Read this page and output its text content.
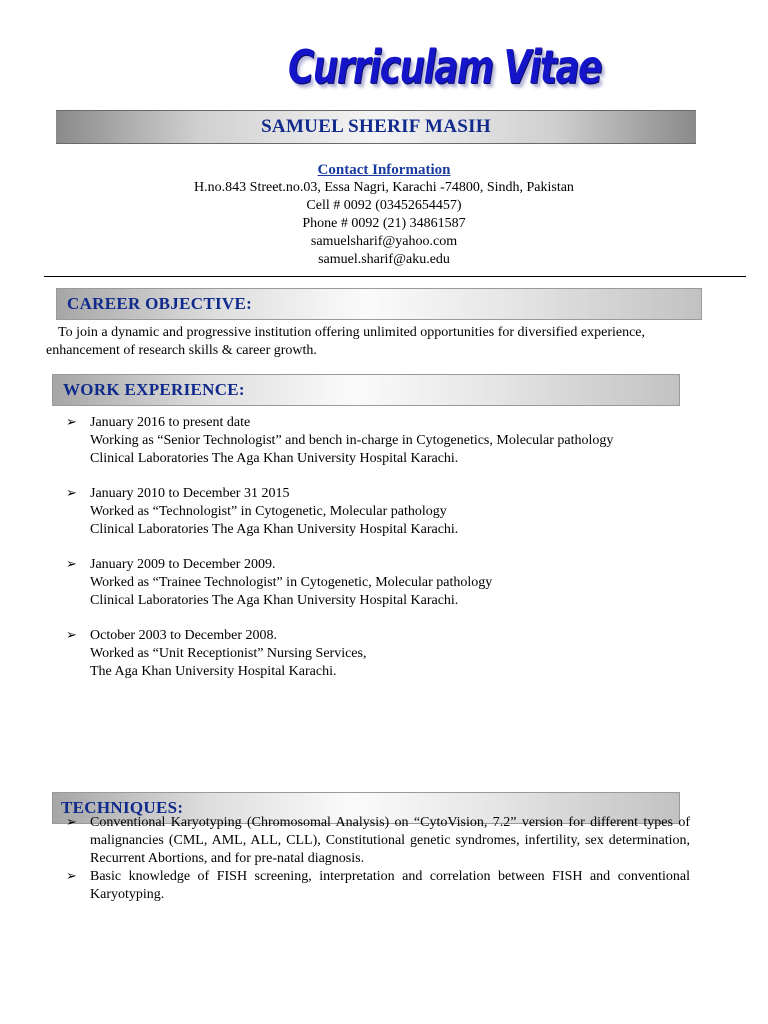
Curriculam Vitae
SAMUEL SHERIF MASIH
Contact Information
H.no.843 Street.no.03, Essa Nagri, Karachi -74800, Sindh, Pakistan
Cell # 0092 (03452654457)
Phone # 0092 (21) 34861587
samuelsharif@yahoo.com
samuel.sharif@aku.edu
CAREER OBJECTIVE:
To join a dynamic and progressive institution offering unlimited opportunities for diversified experience,
enhancement of research skills & career growth.
WORK EXPERIENCE:
➢ January 2016 to present date
Working as “Senior Technologist” and bench in-charge in Cytogenetics, Molecular pathology
Clinical Laboratories The Aga Khan University Hospital Karachi.
➢ January 2010 to December 31 2015
Worked as “Technologist” in Cytogenetic, Molecular pathology
Clinical Laboratories The Aga Khan University Hospital Karachi.
➢ January 2009 to December 2009.
Worked as “Trainee Technologist” in Cytogenetic, Molecular pathology
Clinical Laboratories The Aga Khan University Hospital Karachi.
➢ October 2003 to December 2008.
Worked as “Unit Receptionist” Nursing Services,
The Aga Khan University Hospital Karachi.
TECHNIQUES:
➢ Conventional Karyotyping (Chromosomal Analysis) on “CytoVision, 7.2” version for different types of malignancies (CML, AML, ALL, CLL), Constitutional genetic syndromes, infertility, sex determination, Recurrent Abortions, and for pre-natal diagnosis.
➢ Basic knowledge of FISH screening, interpretation and correlation between FISH and conventional Karyotyping.
